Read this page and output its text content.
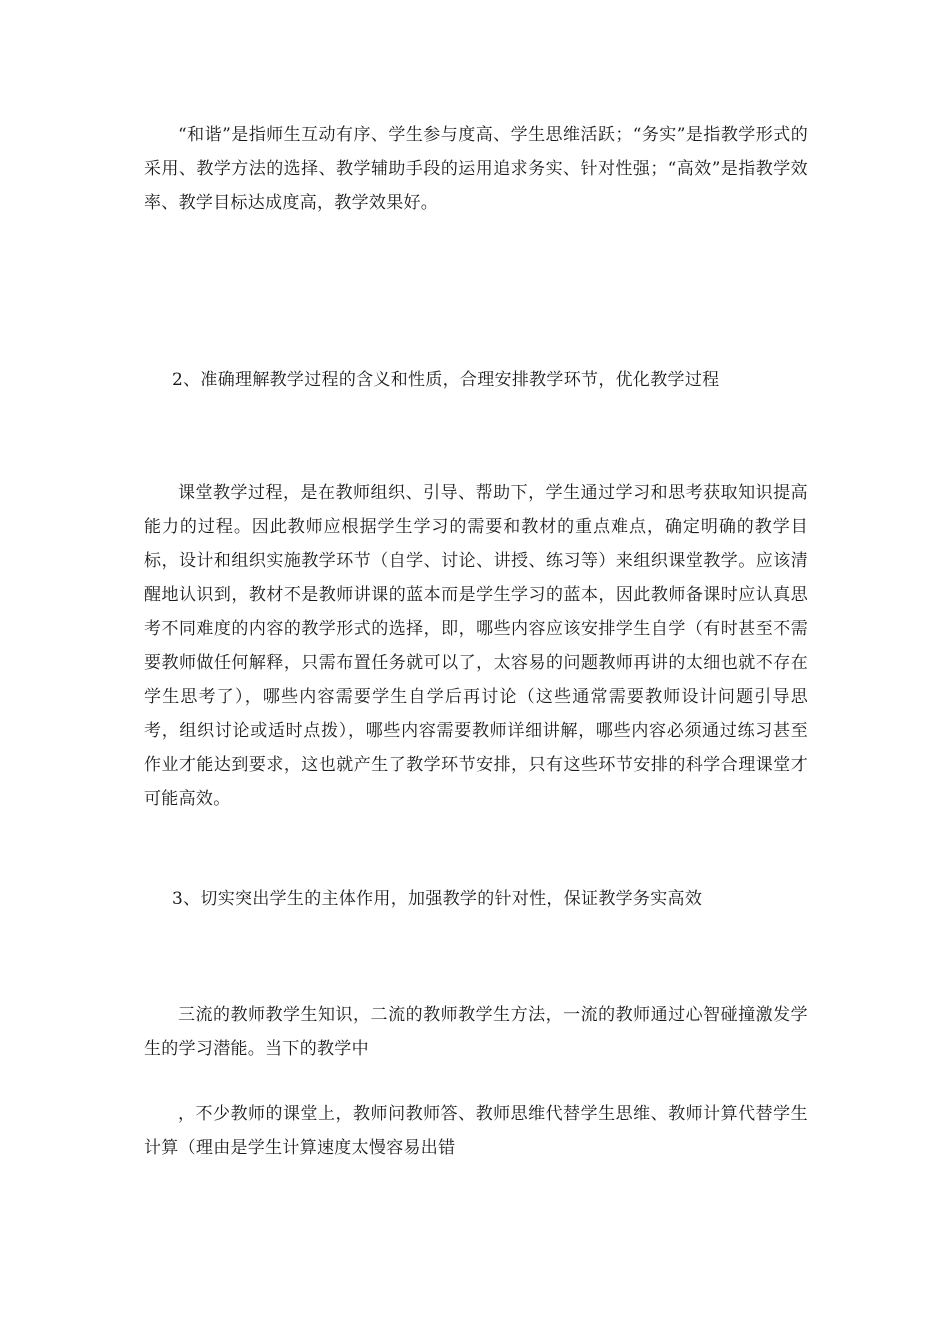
“和谐”是指师生互动有序、学生参与度高、学生思维活跃；“务实”是指教学形式的采用、教学方法的选择、教学辅助手段的运用追求务实、针对性强；“高效”是指教学效率、教学目标达成度高，教学效果好。

2、准确理解教学过程的含义和性质，合理安排教学环节，优化教学过程

课堂教学过程，是在教师组织、引导、帮助下，学生通过学习和思考获取知识提高能力的过程。因此教师应根据学生学习的需要和教材的重点难点，确定明确的教学目标，设计和组织实施教学环节（自学、讨论、讲授、练习等）来组织课堂教学。应该清醒地认识到，教材不是教师讲课的蓝本而是学生学习的蓝本，因此教师备课时应认真思考不同难度的内容的教学形式的选择，即，哪些内容应该安排学生自学（有时甚至不需要教师做任何解释，只需布置任务就可以了，太容易的问题教师再讲的太细也就不存在学生思考了），哪些内容需要学生自学后再讨论（这些通常需要教师设计问题引导思考，组织讨论或适时点拨），哪些内容需要教师详细讲解，哪些内容必须通过练习甚至作业才能达到要求，这也就产生了教学环节安排，只有这些环节安排的科学合理课堂才可能高效。

3、切实突出学生的主体作用，加强教学的针对性，保证教学务实高效

三流的教师教学生知识，二流的教师教学生方法，一流的教师通过心智碰撞激发学生的学习潜能。当下的教学中

，不少教师的课堂上，教师问教师答、教师思维代替学生思维、教师计算代替学生计算（理由是学生计算速度太慢容易出错
